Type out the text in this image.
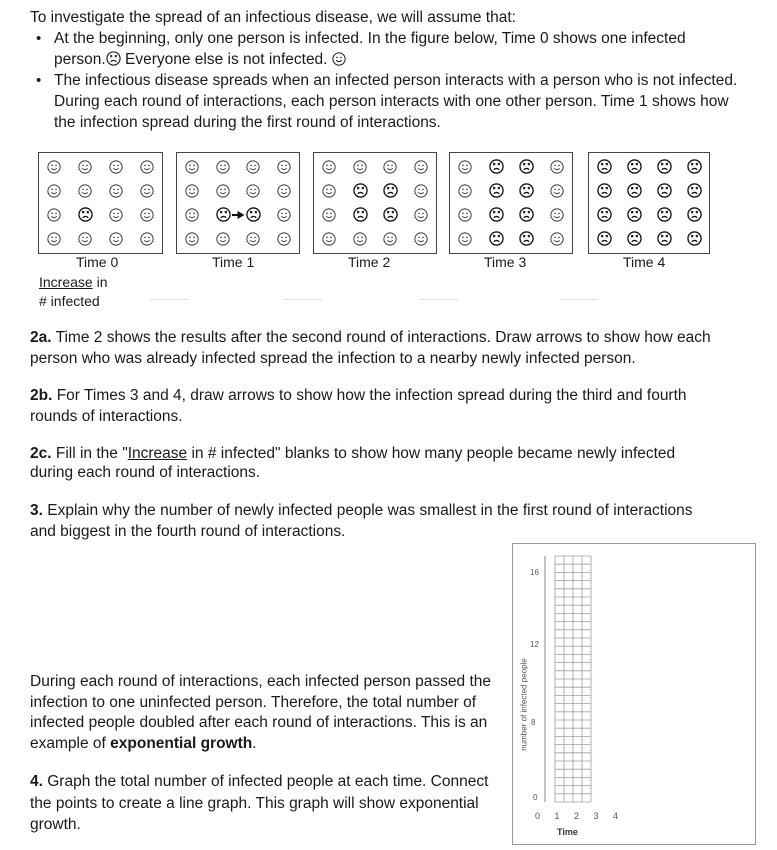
To investigate the spread of an infectious disease, we will assume that:
• At the beginning, only one person is infected. In the figure below, Time 0 shows one infected
person. Everyone else is not infected.
• The infectious disease spreads when an infected person interacts with a person who is not infected. During each round of interactions, each person interacts with one other person. Time 1 shows how the infection spread during the first round of interactions.
Time 0	Time 1	Time 2	Time 3	Time 4
Increase in
# infected
2a. Time 2 shows the results after the second round of interactions. Draw arrows to show how each person who was already infected spread the infection to a nearby newly infected person.
2b. For Times 3 and 4, draw arrows to show how the infection spread during the third and fourth rounds of interactions.
2c. Fill in the "Increase in # infected" blanks to show how many people became newly infected during each round of interactions.
3. Explain why the number of newly infected people was smallest in the first round of interactions and biggest in the fourth round of interactions.
During each round of interactions, each infected person passed the infection to one uninfected person. Therefore, the total number of infected people doubled after each round of interactions. This is an example of exponential growth.
4. Graph the total number of infected people at each time. Connect the points to create a line graph. This graph will show exponential growth.
16
12
8
0
number of infected people
0 1 2 3 4
Time
